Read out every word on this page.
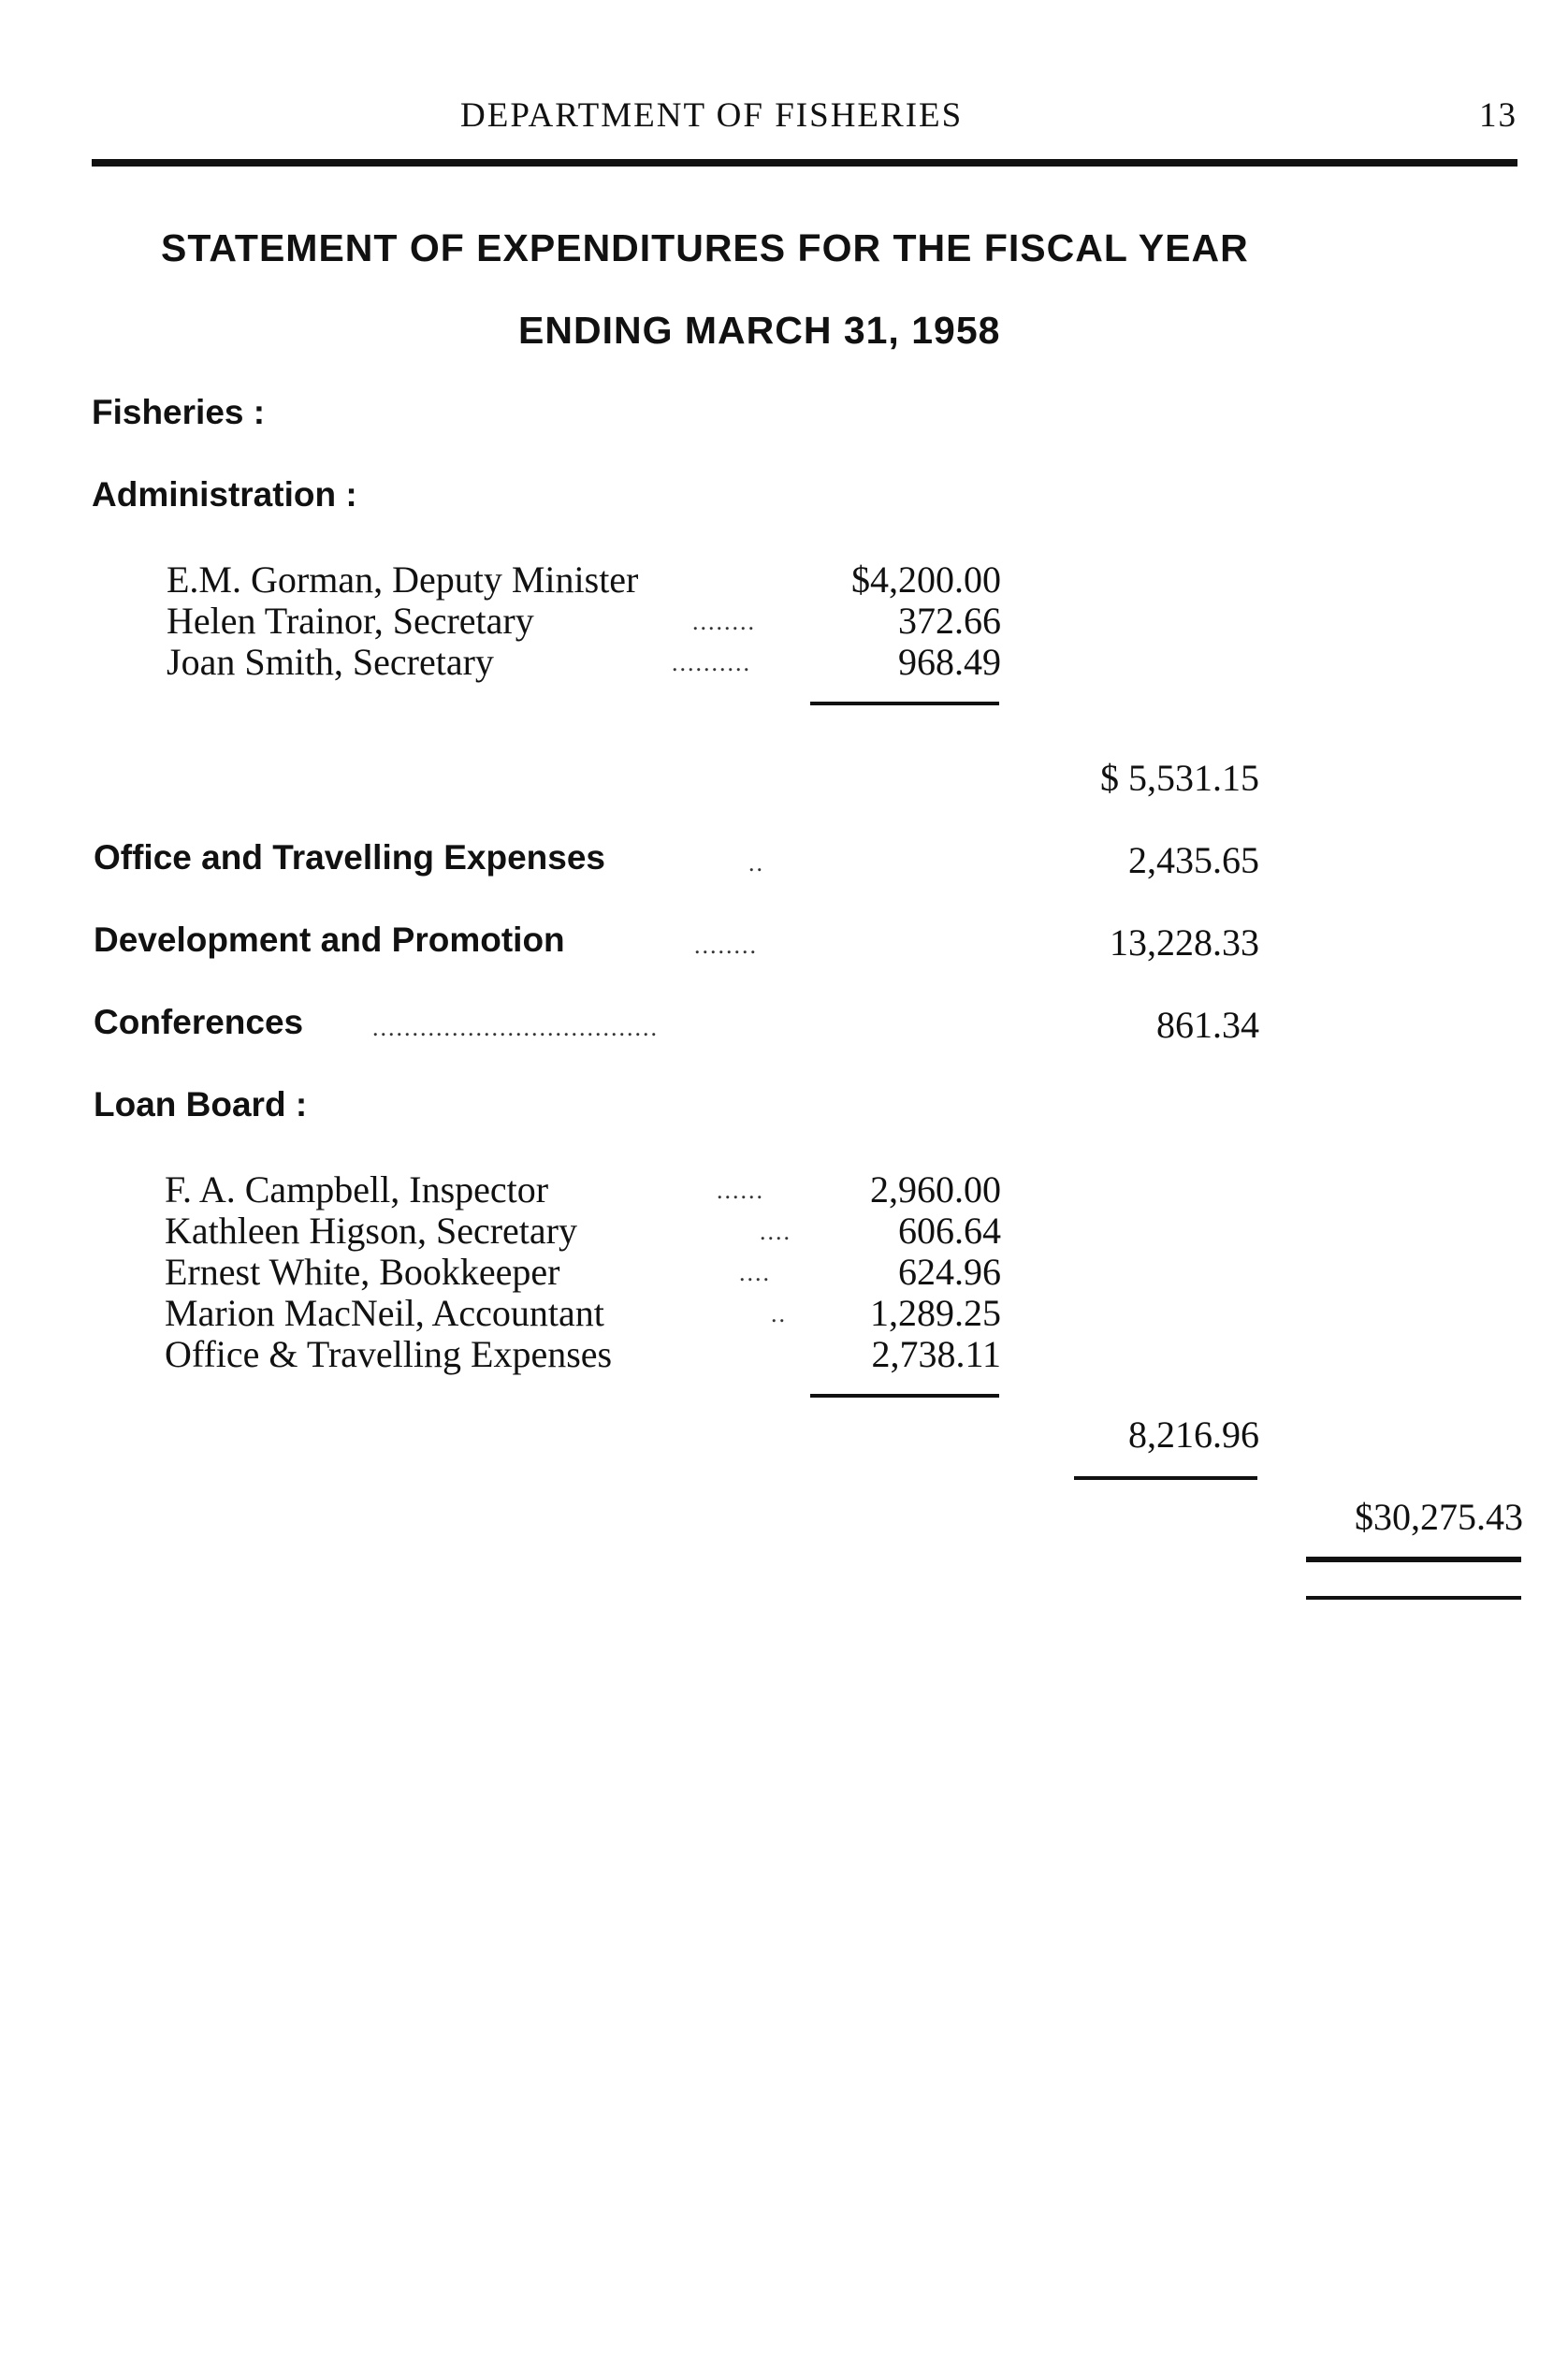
DEPARTMENT OF FISHERIES	13
STATEMENT OF EXPENDITURES FOR THE FISCAL YEAR
ENDING MARCH 31, 1958
Fisheries :
Administration :
E.M. Gorman, Deputy Minister	$4,200.00
Helen Trainor, Secretary	........	372.66
Joan Smith, Secretary	..........	968.49
$ 5,531.15
Office and Travelling Expenses	..	2,435.65
Development and Promotion	........	13,228.33
Conferences	....................................	861.34
Loan Board :
F. A. Campbell, Inspector	......	2,960.00
Kathleen Higson, Secretary	....	606.64
Ernest White, Bookkeeper	....	624.96
Marion MacNeil, Accountant	.. 1,289.25
Office & Travelling Expenses	2,738.11
8,216.96
$30,275.43
